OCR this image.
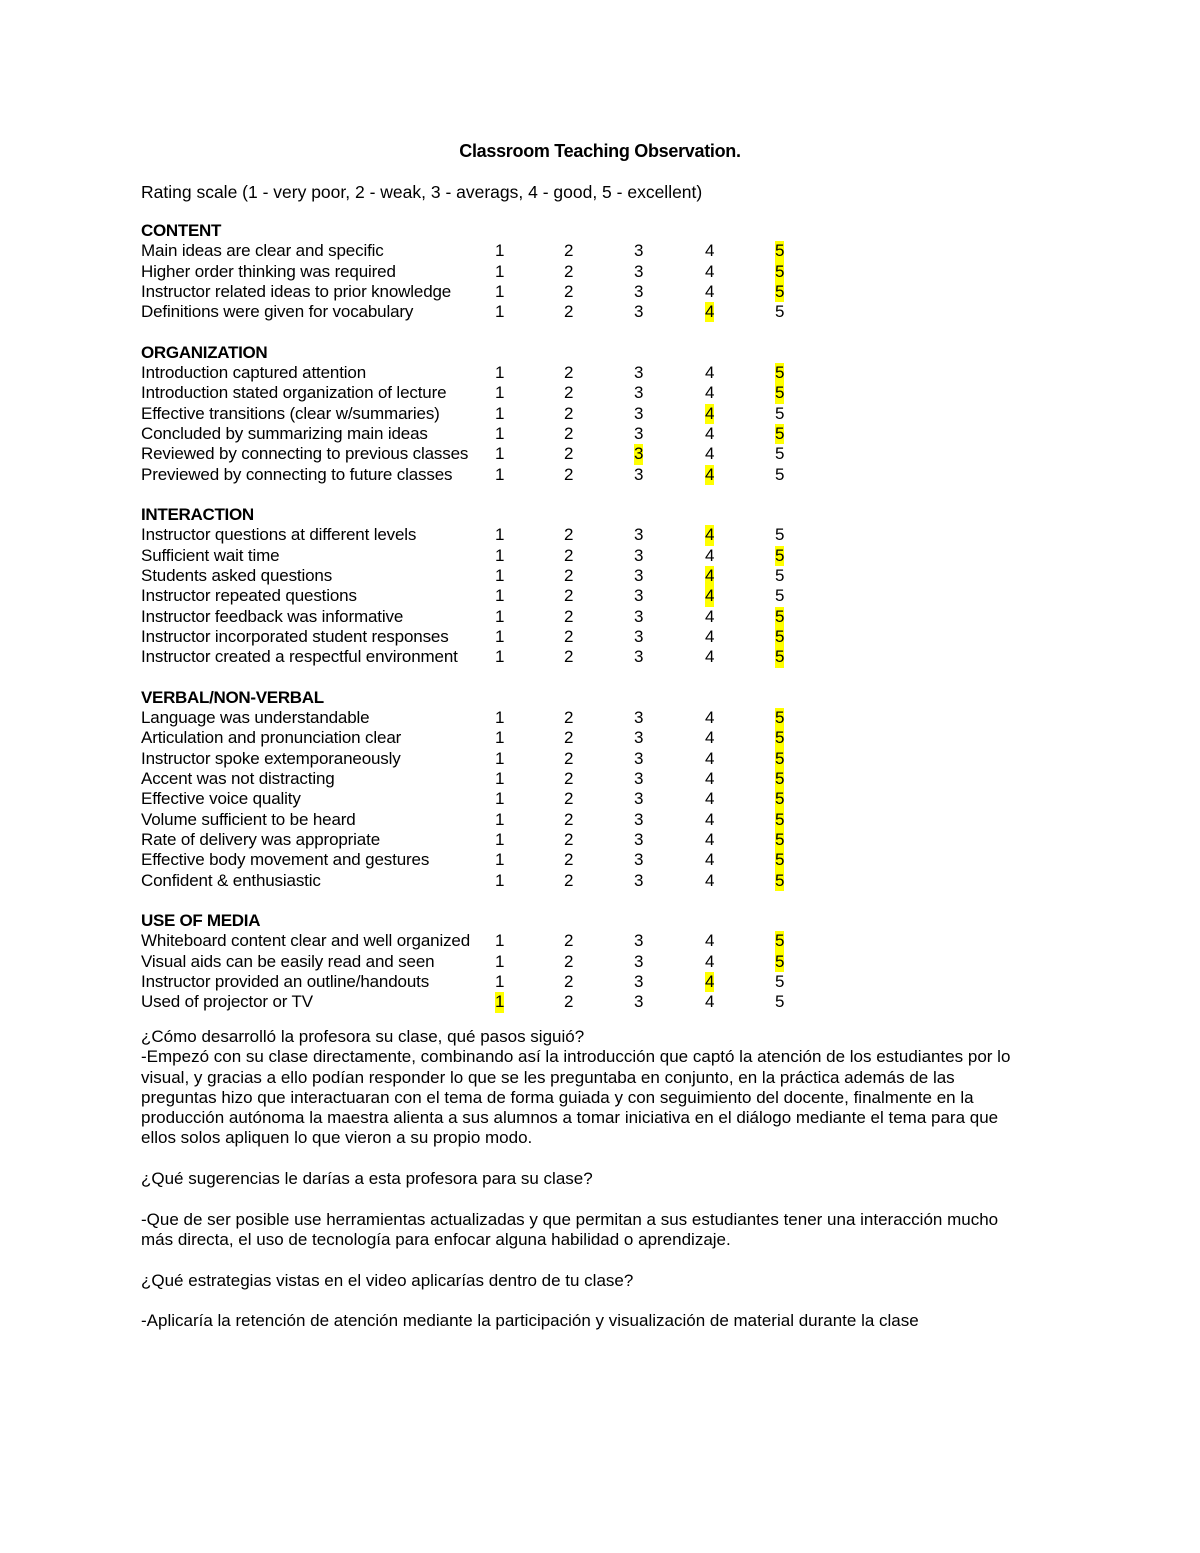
Classroom Teaching Observation.
Rating scale (1 - very poor, 2 - weak, 3 - averags, 4 - good, 5 - excellent)
CONTENT
Main ideas are clear and specific	1	2	3	4	5
Higher order thinking was required	1	2	3	4	5
Instructor related ideas to prior knowledge	1	2	3	4	5
Definitions were given for vocabulary	1	2	3	4	5
ORGANIZATION
Introduction captured attention	1	2	3	4	5
Introduction stated organization of lecture	1	2	3	4	5
Effective transitions (clear w/summaries)	1	2	3	4	5
Concluded by summarizing main ideas	1	2	3	4	5
Reviewed by connecting to previous classes 1	2	3	4	5
Previewed by connecting to future classes	1	2	3	4	5
INTERACTION
Instructor questions at different levels	1	2	3	4	5
Sufficient wait time	1	2	3	4	5
Students asked questions	1	2	3	4	5
Instructor repeated questions	1	2	3	4	5
Instructor feedback was informative	1	2	3	4	5
Instructor incorporated student responses	1	2	3	4	5
Instructor created a respectful environment 1	2	3	4	5
VERBAL/NON-VERBAL
Language was understandable	1	2	3	4	5
Articulation and pronunciation clear	1	2	3	4	5
Instructor spoke extemporaneously	1	2	3	4	5
Accent was not distracting	1	2	3	4	5
Effective voice quality	1	2	3	4	5
Volume sufficient to be heard	1	2	3	4	5
Rate of delivery was appropriate	1	2	3	4	5
Effective body movement and gestures	1	2	3	4	5
Confident & enthusiastic	1	2	3	4	5
USE OF MEDIA
Whiteboard content clear and well organized 1	2	3	4	5
Visual aids can be easily read and seen	1	2	3	4	5
Instructor provided an outline/handouts	1	2	3	4	5
Used of projector or TV	1	2	3	4	5

¿Cómo desarrolló la profesora su clase, qué pasos siguió?

-Empezó con su clase directamente, combinando así la introducción que captó la atención de los estudiantes por lo

visual, y gracias a ello podían responder lo que se les preguntaba en conjunto, en la práctica además de las

preguntas hizo que interactuaran con el tema de forma guiada y con seguimiento del docente, finalmente en la

producción autónoma la maestra alienta a sus alumnos a tomar iniciativa en el diálogo mediante el tema para que

ellos solos apliquen lo que vieron a su propio modo.

¿Qué sugerencias le darías a esta profesora para su clase?

-Que de ser posible use herramientas actualizadas y que permitan a sus estudiantes tener una interacción mucho

más directa, el uso de tecnología para enfocar alguna habilidad o aprendizaje.

¿Qué estrategias vistas en el video aplicarías dentro de tu clase?

-Aplicaría la retención de atención mediante la participación y visualización de material durante la clase
